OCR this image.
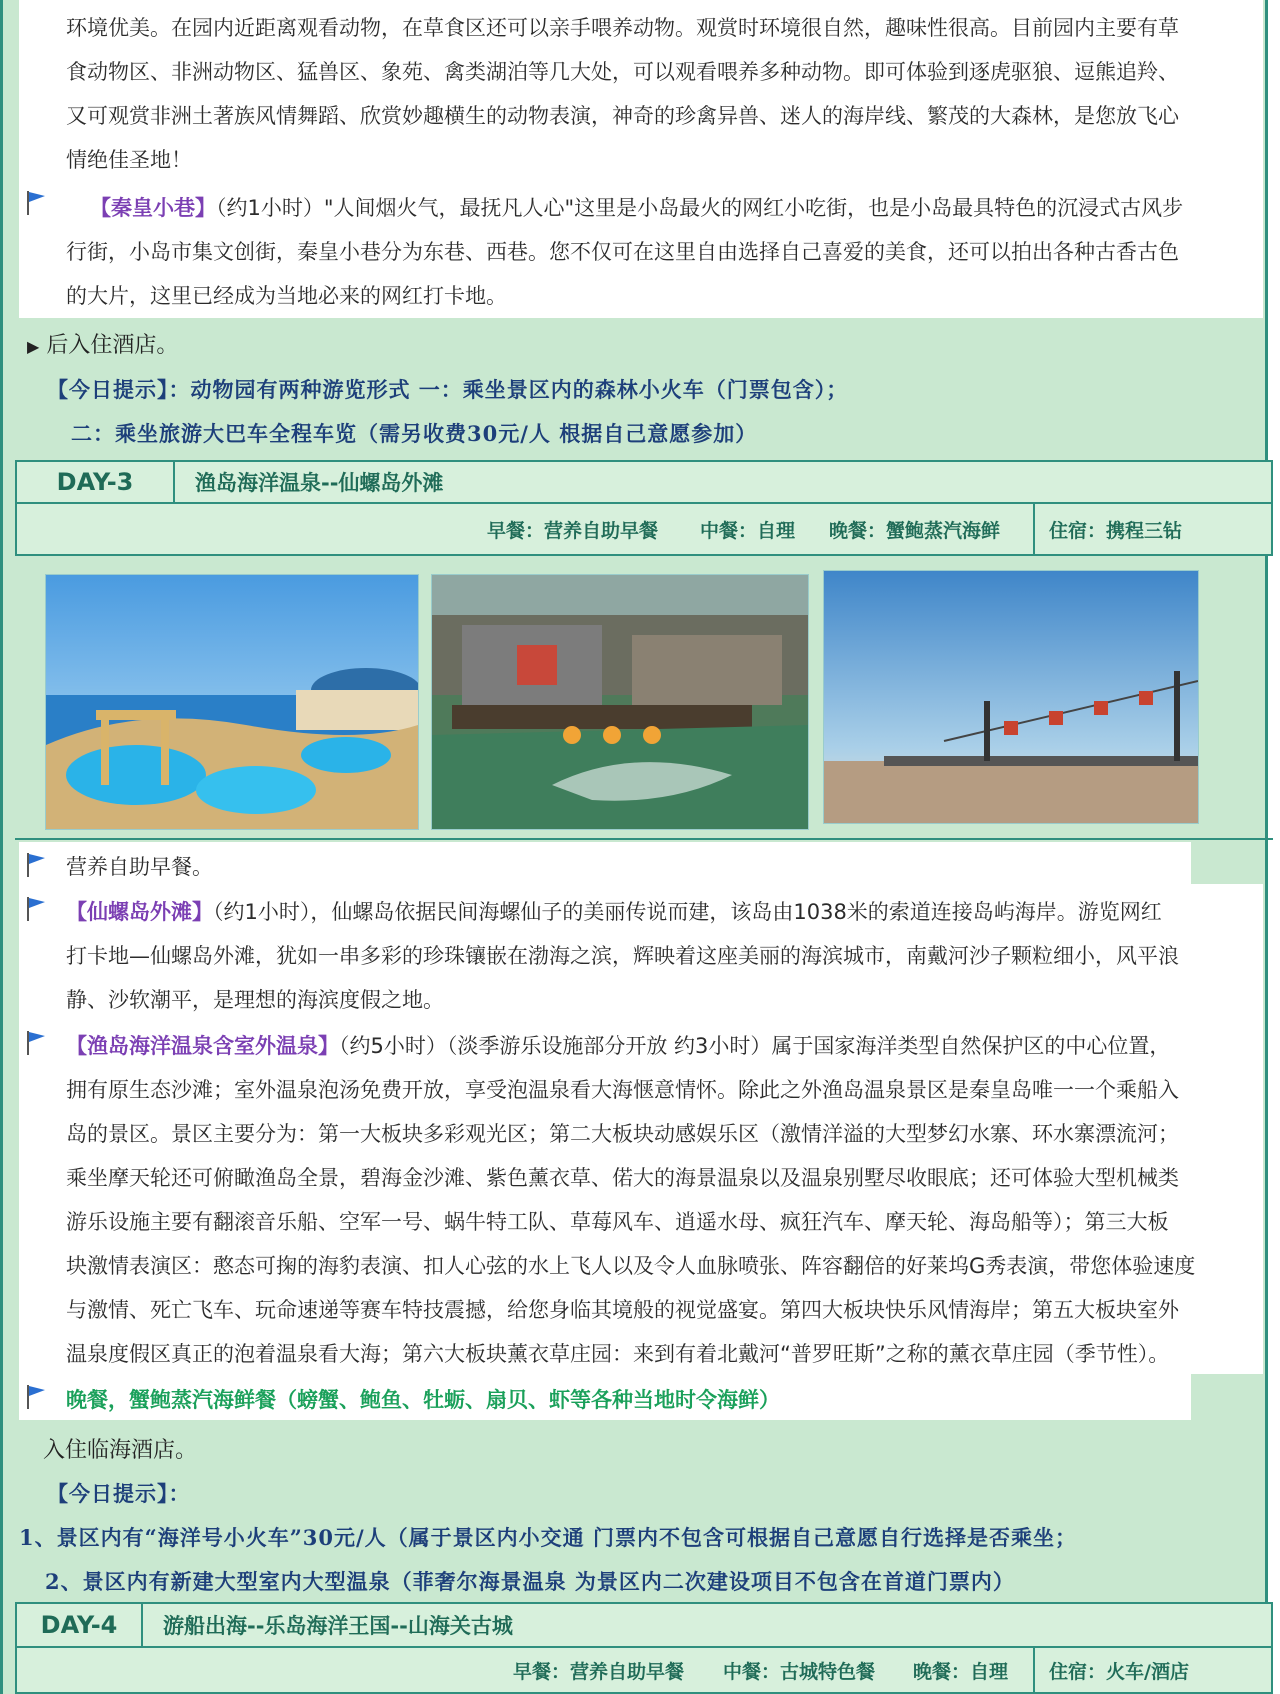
环境优美。在园内近距离观看动物，在草食区还可以亲手喂养动物。观赏时环境很自然，趣味性很高。目前园内主要有草
食动物区、非洲动物区、猛兽区、象苑、禽类湖泊等几大处，可以观看喂养多种动物。即可体验到逐虎驱狼、逗熊追羚、
又可观赏非洲土著族风情舞蹈、欣赏妙趣横生的动物表演，神奇的珍禽异兽、迷人的海岸线、繁茂的大森林，是您放飞心
情绝佳圣地！
【秦皇小巷】（约1小时）"人间烟火气，最抚凡人心"这里是小岛最火的网红小吃街，也是小岛最具特色的沉浸式古风步
行街，小岛市集文创街，秦皇小巷分为东巷、西巷。您不仅可在这里自由选择自己喜爱的美食，还可以拍出各种古香古色
的大片，这里已经成为当地必来的网红打卡地。
▶ 后入住酒店。
【今日提示】：动物园有两种游览形式 一：乘坐景区内的森林小火车（门票包含）；
二：乘坐旅游大巴车全程车览（需另收费30元/人 根据自己意愿参加）
DAY-3	渔岛海洋温泉--仙螺岛外滩
早餐：营养自助早餐 中餐：自理 晚餐：蟹鲍蒸汽海鲜	住宿：携程三钻
营养自助早餐。
【仙螺岛外滩】（约1小时），仙螺岛依据民间海螺仙子的美丽传说而建，该岛由1038米的索道连接岛屿海岸。游览网红
打卡地—仙螺岛外滩，犹如一串多彩的珍珠镶嵌在渤海之滨，辉映着这座美丽的海滨城市，南戴河沙子颗粒细小，风平浪
静、沙软潮平，是理想的海滨度假之地。
【渔岛海洋温泉含室外温泉】（约5小时）（淡季游乐设施部分开放 约3小时）属于国家海洋类型自然保护区的中心位置，
拥有原生态沙滩；室外温泉泡汤免费开放，享受泡温泉看大海惬意情怀。除此之外渔岛温泉景区是秦皇岛唯一一个乘船入
岛的景区。景区主要分为：第一大板块多彩观光区；第二大板块动感娱乐区（激情洋溢的大型梦幻水寨、环水寨漂流河；
乘坐摩天轮还可俯瞰渔岛全景，碧海金沙滩、紫色薰衣草、偌大的海景温泉以及温泉别墅尽收眼底；还可体验大型机械类
游乐设施主要有翻滚音乐船、空军一号、蜗牛特工队、草莓风车、逍遥水母、疯狂汽车、摩天轮、海岛船等）；第三大板
块激情表演区：憨态可掬的海豹表演、扣人心弦的水上飞人以及令人血脉喷张、阵容翻倍的好莱坞G秀表演，带您体验速度
与激情、死亡飞车、玩命速递等赛车特技震撼，给您身临其境般的视觉盛宴。第四大板块快乐风情海岸；第五大板块室外
温泉度假区真正的泡着温泉看大海；第六大板块薰衣草庄园：来到有着北戴河“普罗旺斯”之称的薰衣草庄园（季节性）。
晚餐，蟹鲍蒸汽海鲜餐（螃蟹、鲍鱼、牡蛎、扇贝、虾等各种当地时令海鲜）
入住临海酒店。
【今日提示】：
1、景区内有“海洋号小火车”30元/人（属于景区内小交通 门票内不包含可根据自己意愿自行选择是否乘坐；
2、景区内有新建大型室内大型温泉（菲奢尔海景温泉 为景区内二次建设项目不包含在首道门票内）
DAY-4	游船出海--乐岛海洋王国--山海关古城
早餐：营养自助早餐 中餐：古城特色餐 晚餐：自理 住宿：火车/酒店
